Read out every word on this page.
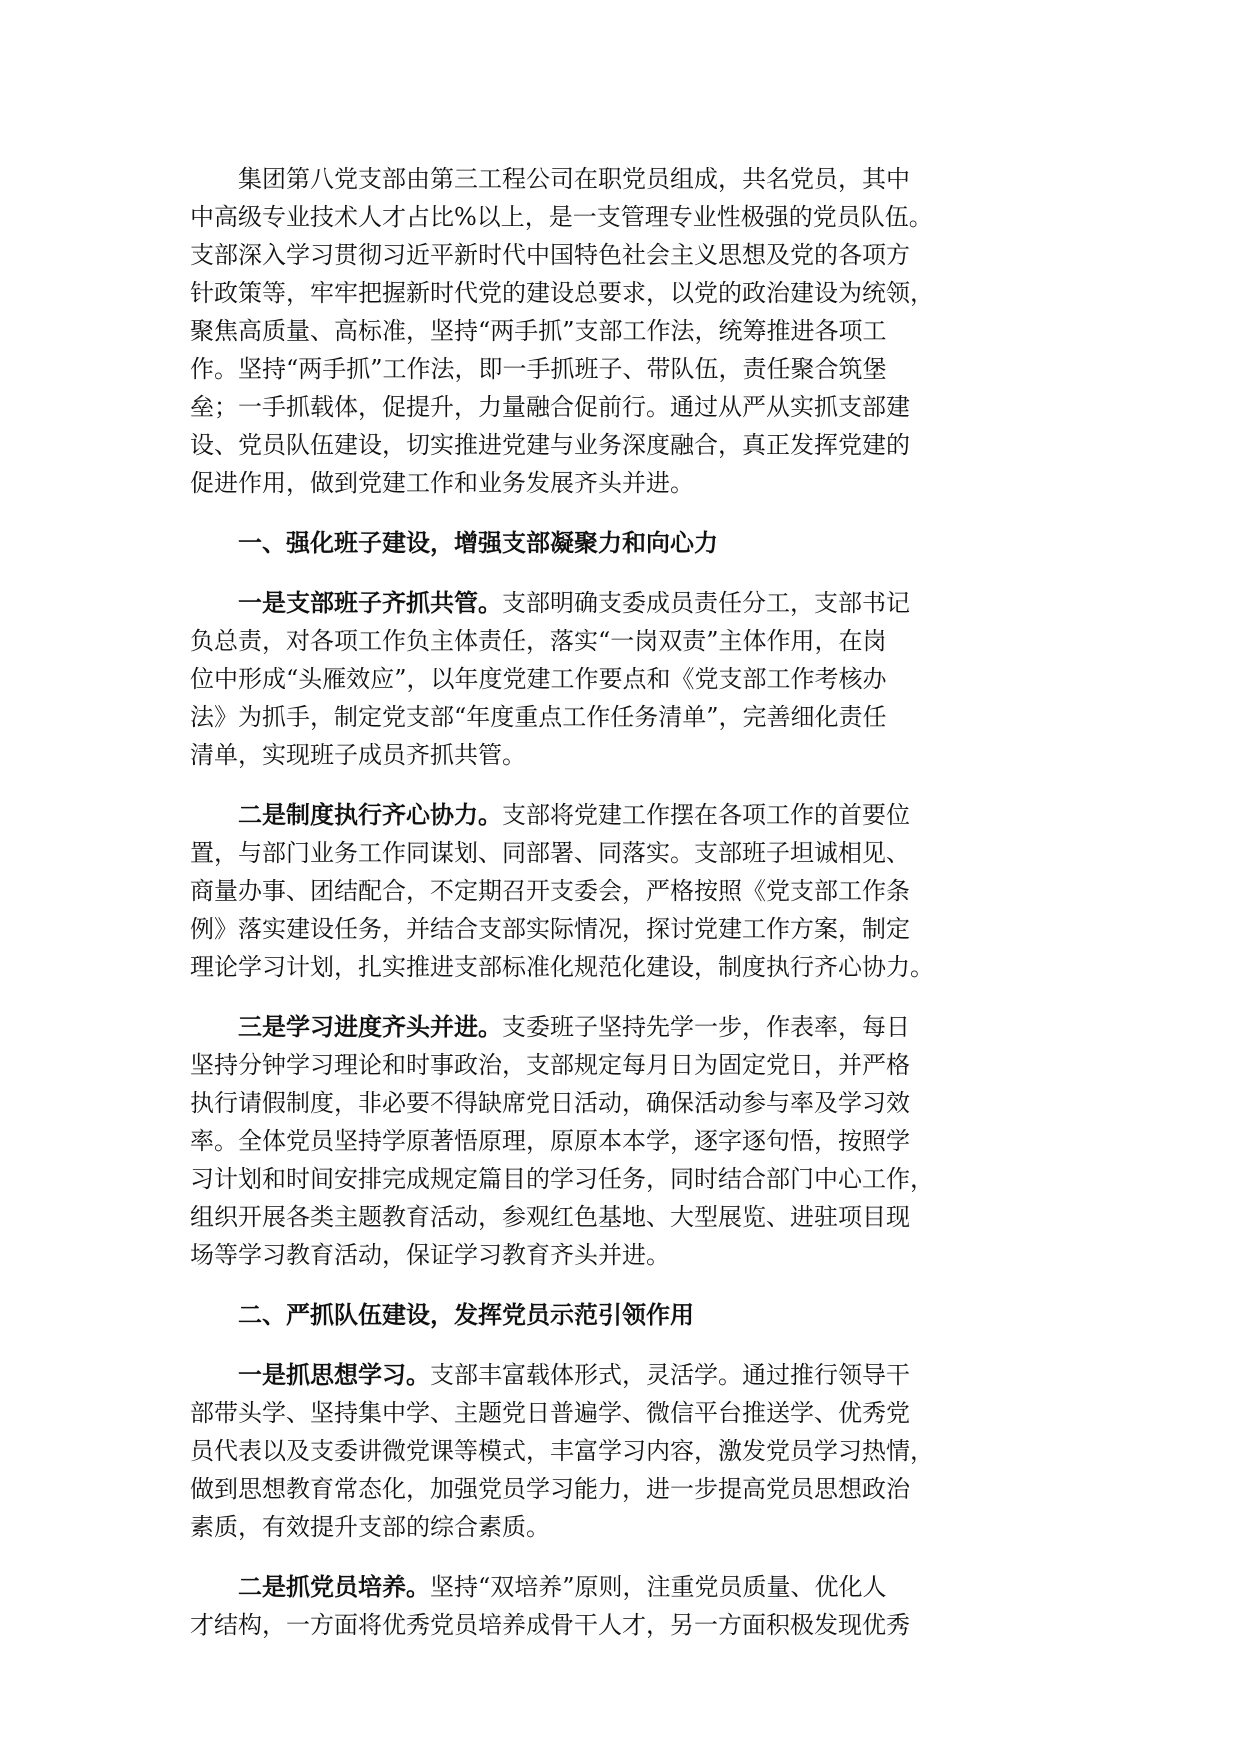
集团第八党支部由第三工程公司在职党员组成，共名党员，其中
中高级专业技术人才占比%以上，是一支管理专业性极强的党员队伍。
支部深入学习贯彻习近平新时代中国特色社会主义思想及党的各项方
针政策等，牢牢把握新时代党的建设总要求，以党的政治建设为统领，
聚焦高质量、高标准，坚持“两手抓”支部工作法，统筹推进各项工
作。坚持“两手抓”工作法，即一手抓班子、带队伍，责任聚合筑堡
垒；一手抓载体，促提升，力量融合促前行。通过从严从实抓支部建
设、党员队伍建设，切实推进党建与业务深度融合，真正发挥党建的
促进作用，做到党建工作和业务发展齐头并进。
一、强化班子建设，增强支部凝聚力和向心力
一是支部班子齐抓共管。支部明确支委成员责任分工，支部书记
负总责，对各项工作负主体责任，落实“一岗双责”主体作用，在岗
位中形成“头雁效应”，以年度党建工作要点和《党支部工作考核办
法》为抓手，制定党支部“年度重点工作任务清单”，完善细化责任
清单，实现班子成员齐抓共管。
二是制度执行齐心协力。支部将党建工作摆在各项工作的首要位
置，与部门业务工作同谋划、同部署、同落实。支部班子坦诚相见、
商量办事、团结配合，不定期召开支委会，严格按照《党支部工作条
例》落实建设任务，并结合支部实际情况，探讨党建工作方案，制定
理论学习计划，扎实推进支部标准化规范化建设，制度执行齐心协力。
三是学习进度齐头并进。支委班子坚持先学一步，作表率，每日
坚持分钟学习理论和时事政治，支部规定每月日为固定党日，并严格
执行请假制度，非必要不得缺席党日活动，确保活动参与率及学习效
率。全体党员坚持学原著悟原理，原原本本学，逐字逐句悟，按照学
习计划和时间安排完成规定篇目的学习任务，同时结合部门中心工作，
组织开展各类主题教育活动，参观红色基地、大型展览、进驻项目现
场等学习教育活动，保证学习教育齐头并进。
二、严抓队伍建设，发挥党员示范引领作用
一是抓思想学习。支部丰富载体形式，灵活学。通过推行领导干
部带头学、坚持集中学、主题党日普遍学、微信平台推送学、优秀党
员代表以及支委讲微党课等模式，丰富学习内容，激发党员学习热情，
做到思想教育常态化，加强党员学习能力，进一步提高党员思想政治
素质，有效提升支部的综合素质。
二是抓党员培养。坚持“双培养”原则，注重党员质量、优化人
才结构，一方面将优秀党员培养成骨干人才，另一方面积极发现优秀
